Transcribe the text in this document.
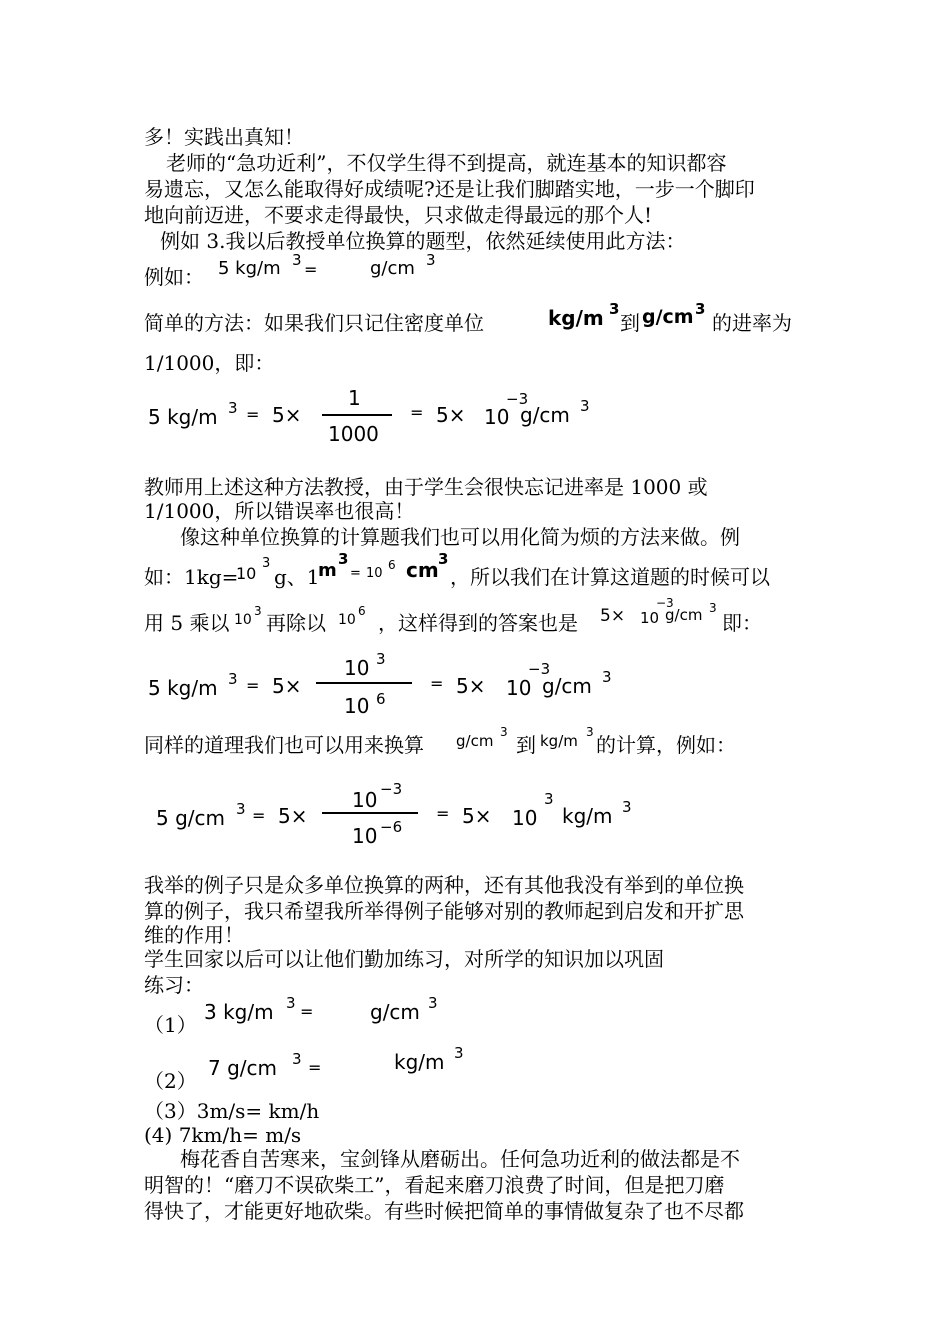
多！实践出真知！
老师的“急功近利”，不仅学生得不到提高，就连基本的知识都容
易遗忘，又怎么能取得好成绩呢?还是让我们脚踏实地，一步一个脚印
地向前迈进，不要求走得最快，只求做走得最远的那个人!
例如 3.我以后教授单位换算的题型，依然延续使用此方法：
例如： 5 kg/m 3 =	g/cm 3
简单的方法：如果我们只记住密度单位	kg/m 3
到 g/cm 3
的进率为
1/1000，即：
5 kg/m 3 = 5×
1
1000
= 5× 10
−3
g/cm 3
教师用上述这种方法教授，由于学生会很快忘记进率是 1000 或
1/1000，所以错误率也很高！
像这种单位换算的计算题我们也可以用化简为烦的方法来做。例
如：1kg=
10
3
g、1
m
3
= 10
6 cm 3
，所以我们在计算这道题的时候可以
用 5 乘以 10
3 再除以 10
6 ，这样得到的答案也是 5× 10
−3
g/cm 3
即：
5 kg/m 3 = 5×
10 3
10 6
= 5× 10
−3
g/cm 3
同样的道理我们也可以用来换算 g/cm 3
到 kg/m 3
的计算，例如：
5 g/cm 3 = 5×
10 −3
10 −6
= 5× 10
3
kg/m 3
我举的例子只是众多单位换算的两种，还有其他我没有举到的单位换
算的例子，我只希望我所举得例子能够对别的教师起到启发和开扩思
维的作用！
学生回家以后可以让他们勤加练习，对所学的知识加以巩固
练习：
（1）
3 kg/m 3 =	g/cm 3
（2）
7 g/cm 3 =	kg/m 3
（3）3m/s= km/h
(4) 7km/h= m/s
梅花香自苦寒来，宝剑锋从磨砺出。任何急功近利的做法都是不
明智的！“磨刀不误砍柴工”，看起来磨刀浪费了时间，但是把刀磨
得快了，才能更好地砍柴。有些时候把简单的事情做复杂了也不尽都
